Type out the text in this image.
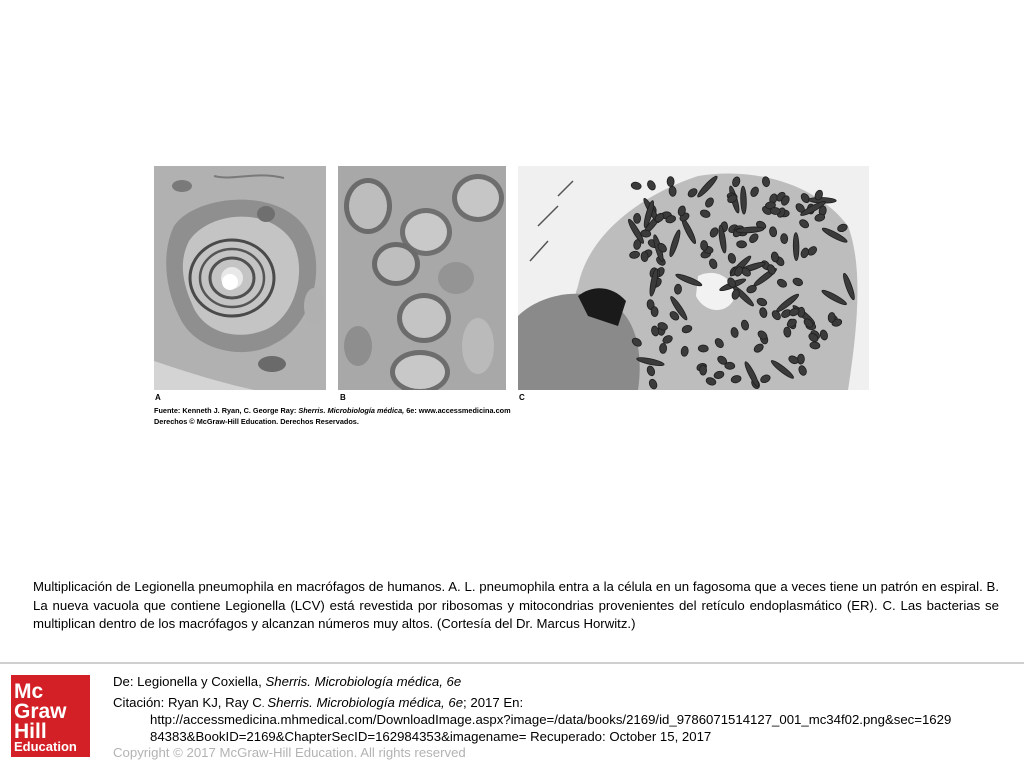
A	B	C
Fuente: Kenneth J. Ryan, C. George Ray: Sherris. Microbiología médica, 6e: www.accessmedicina.com
Derechos © McGraw-Hill Education. Derechos Reservados.
Multiplicación de Legionella pneumophila en macrófagos de humanos. A. L. pneumophila entra a la célula en un fagosoma que a veces tiene un patrón en espiral. B. La nueva vacuola que contiene Legionella (LCV) está revestida por ribosomas y mitocondrias provenientes del retículo endoplasmático (ER). C. Las bacterias se multiplican dentro de los macrófagos y alcanzan números muy altos. (Cortesía del Dr. Marcus Horwitz.)
Mc
Graw
Hill
Education
De: Legionella y Coxiella, Sherris. Microbiología médica, 6e
Citación: Ryan KJ, Ray C. Sherris. Microbiología médica, 6e; 2017 En:
http://accessmedicina.mhmedical.com/DownloadImage.aspx?image=/data/books/2169/id_9786071514127_001_mc34f02.png&sec=1629
84383&BookID=2169&ChapterSecID=162984353&imagename= Recuperado: October 15, 2017
Copyright © 2017 McGraw-Hill Education. All rights reserved
